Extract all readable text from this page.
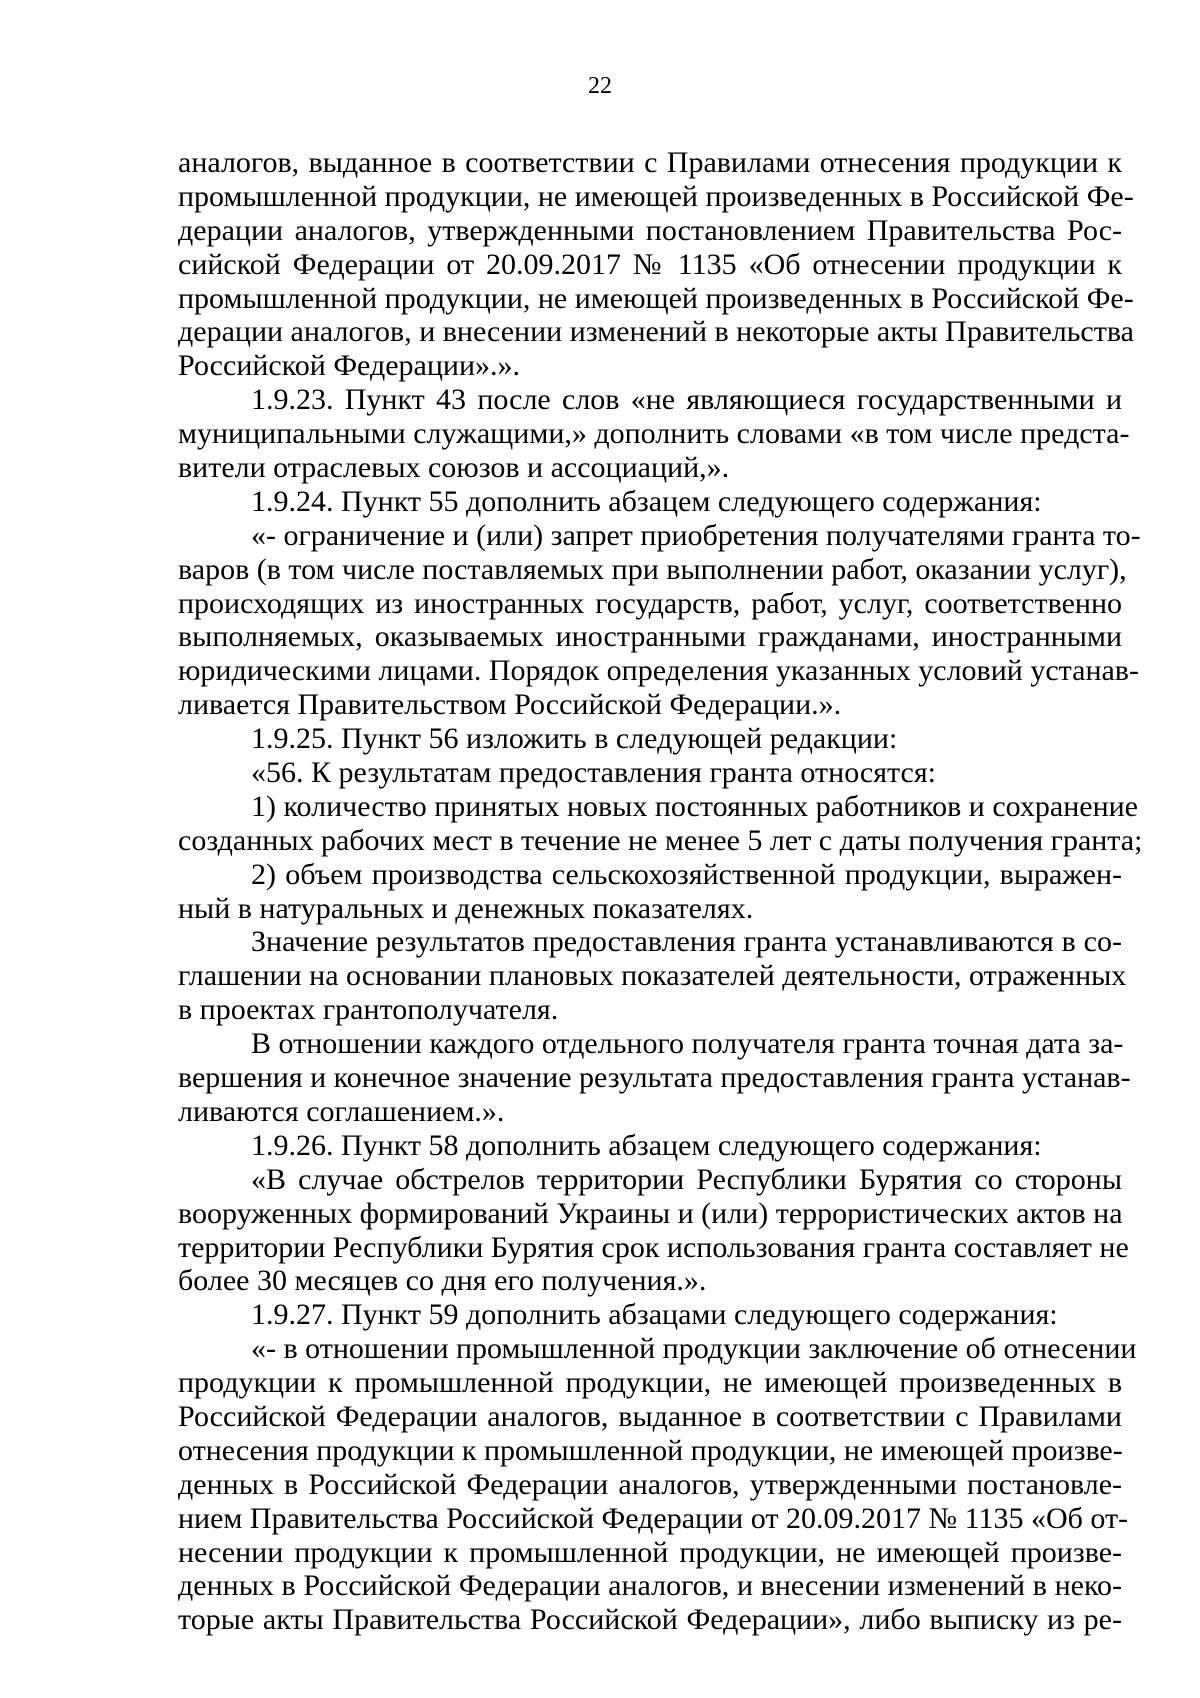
22
аналогов, выданное в соответствии с Правилами отнесения продукции к
промышленной продукции, не имеющей произведенных в Российской Фе-
дерации аналогов, утвержденными постановлением Правительства Рос-
сийской Федерации от 20.09.2017 № 1135 «Об отнесении продукции к
промышленной продукции, не имеющей произведенных в Российской Фе-
дерации аналогов, и внесении изменений в некоторые акты Правительства
Российской Федерации».».
1.9.23. Пункт 43 после слов «не являющиеся государственными и
муниципальными служащими,» дополнить словами «в том числе предста-
вители отраслевых союзов и ассоциаций,».
1.9.24. Пункт 55 дополнить абзацем следующего содержания:
«- ограничение и (или) запрет приобретения получателями гранта то-
варов (в том числе поставляемых при выполнении работ, оказании услуг),
происходящих из иностранных государств, работ, услуг, соответственно
выполняемых, оказываемых иностранными гражданами, иностранными
юридическими лицами. Порядок определения указанных условий устанав-
ливается Правительством Российской Федерации.».
1.9.25. Пункт 56 изложить в следующей редакции:
«56. К результатам предоставления гранта относятся:
1) количество принятых новых постоянных работников и сохранение
созданных рабочих мест в течение не менее 5 лет с даты получения гранта;
2) объем производства сельскохозяйственной продукции, выражен-
ный в натуральных и денежных показателях.
Значение результатов предоставления гранта устанавливаются в со-
глашении на основании плановых показателей деятельности, отраженных
в проектах грантополучателя.
В отношении каждого отдельного получателя гранта точная дата за-
вершения и конечное значение результата предоставления гранта устанав-
ливаются соглашением.».
1.9.26. Пункт 58 дополнить абзацем следующего содержания:
«В случае обстрелов территории Республики Бурятия со стороны
вооруженных формирований Украины и (или) террористических актов на
территории Республики Бурятия срок использования гранта составляет не
более 30 месяцев со дня его получения.».
1.9.27. Пункт 59 дополнить абзацами следующего содержания:
«- в отношении промышленной продукции заключение об отнесении
продукции к промышленной продукции, не имеющей произведенных в
Российской Федерации аналогов, выданное в соответствии с Правилами
отнесения продукции к промышленной продукции, не имеющей произве-
денных в Российской Федерации аналогов, утвержденными постановле-
нием Правительства Российской Федерации от 20.09.2017 № 1135 «Об от-
несении продукции к промышленной продукции, не имеющей произве-
денных в Российской Федерации аналогов, и внесении изменений в неко-
торые акты Правительства Российской Федерации», либо выписку из ре-
